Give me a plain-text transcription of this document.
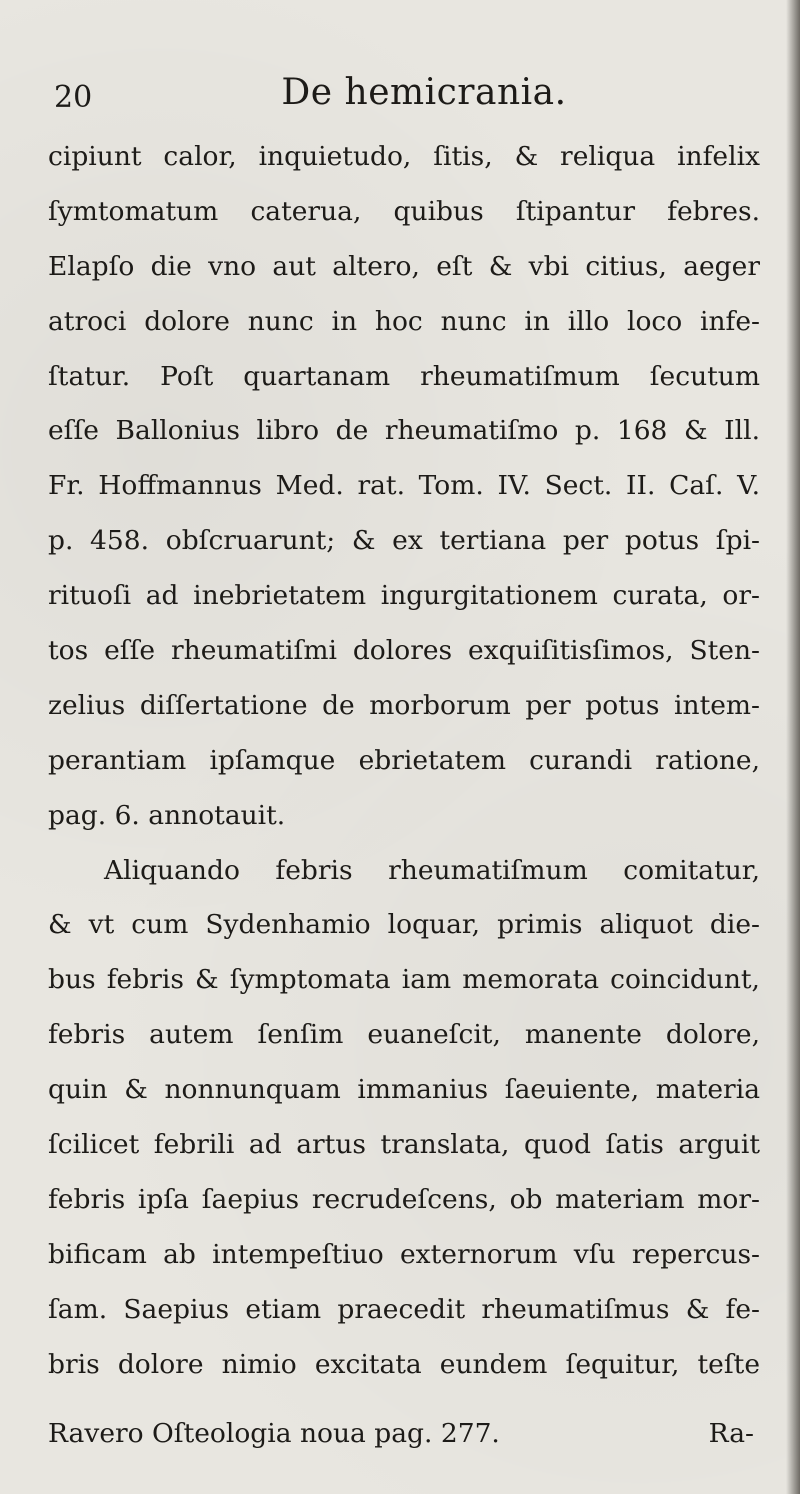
20	De hemicrania.
cipiunt calor, inquietudo, ſitis, & reliqua infelix
ſymtomatum caterua, quibus ſtipantur febres.
Elapſo die vno aut altero, eſt & vbi citius, aeger
atroci dolore nunc in hoc nunc in illo loco infe-
ſtatur. Poſt quartanam rheumatiſmum ſecutum
eſſe Ballonius libro de rheumatiſmo p. 168 & Ill.
Fr. Hoffmannus Med. rat. Tom. IV. Sect. II. Caſ. V.
p. 458. obſcruarunt; & ex tertiana per potus ſpi-
rituoſi ad inebrietatem ingurgitationem curata, or-
tos eſſe rheumatiſmi dolores exquiſitisſimos, Sten-
zelius diſſertatione de morborum per potus intem-
perantiam ipſamque ebrietatem curandi ratione,
pag. 6. annotauit.
Aliquando febris rheumatiſmum comitatur,
& vt cum Sydenhamio loquar, primis aliquot die-
bus febris & ſymptomata iam memorata coincidunt,
febris autem ſenſim euaneſcit, manente dolore,
quin & nonnunquam immanius ſaeuiente, materia
ſcilicet febrili ad artus translata, quod ſatis arguit
febris ipſa ſaepius recrudeſcens, ob materiam mor-
bificam ab intempeſtiuo externorum vſu repercus-
ſam. Saepius etiam praecedit rheumatiſmus & fe-
bris dolore nimio excitata eundem ſequitur, teſte
Ravero Oſteologia noua pag. 277.	Ra-
